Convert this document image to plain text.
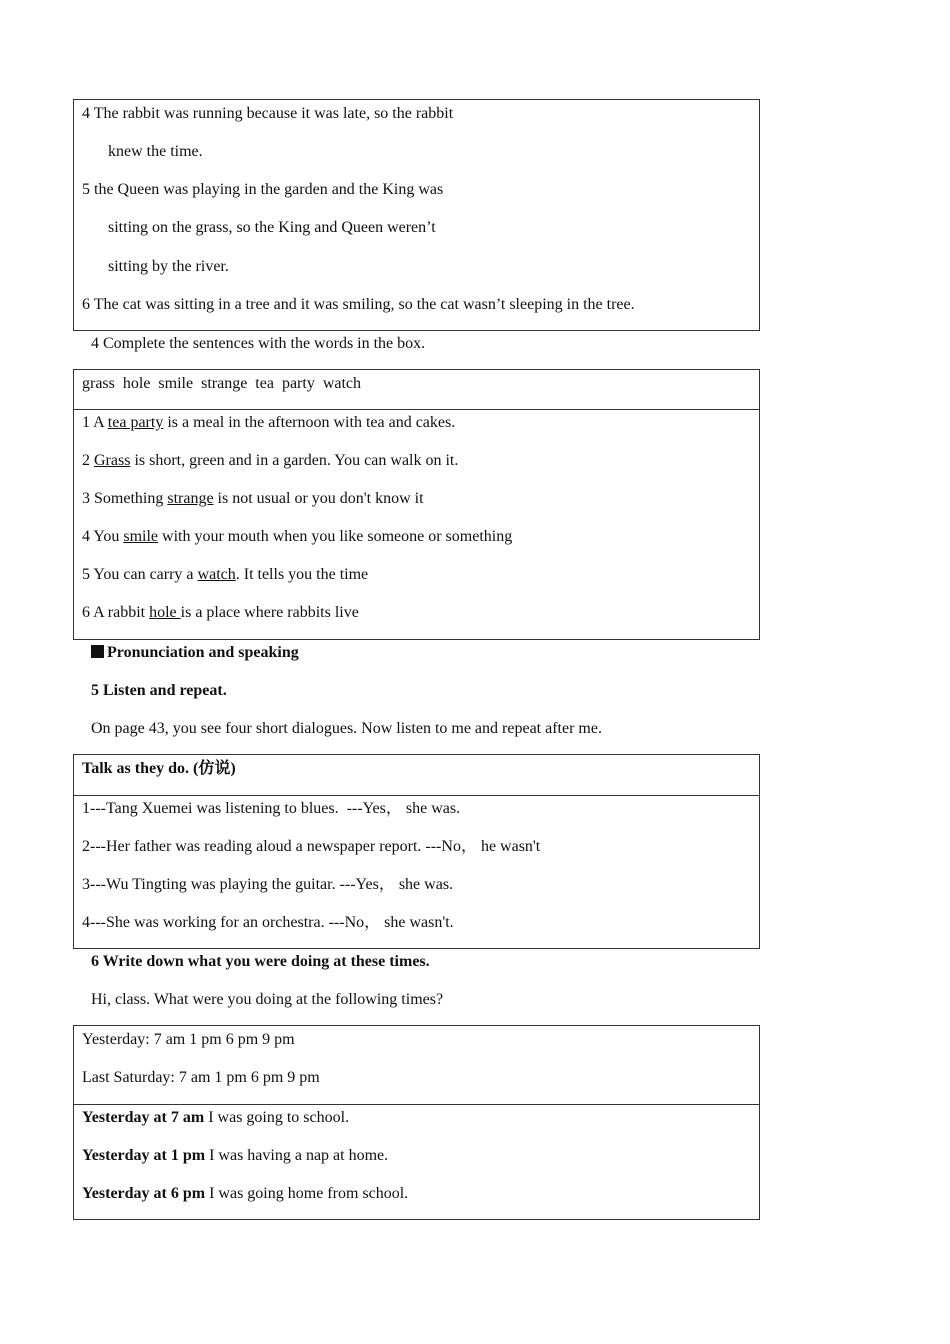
4 The rabbit was running because it was late, so the rabbit
knew the time.
5 the Queen was playing in the garden and the King was
sitting on the grass, so the King and Queen weren’t
sitting by the river.
6 The cat was sitting in a tree and it was smiling, so the cat wasn’t sleeping in the tree.
4 Complete the sentences with the words in the box.
grass  hole  smile  strange  tea  party  watch
1 A tea party is a meal in the afternoon with tea and cakes.
2 Grass is short, green and in a garden. You can walk on it.
3 Something strange is not usual or you don't know it
4 You smile with your mouth when you like someone or something
5 You can carry a watch. It tells you the time
6 A rabbit hole is a place where rabbits live
Pronunciation and speaking
5 Listen and repeat.
On page 43, you see four short dialogues. Now listen to me and repeat after me.
Talk as they do. (仿说)
1---Tang Xuemei was listening to blues.  ---Yes， she was.
2---Her father was reading aloud a newspaper report. ---No， he wasn't
3---Wu Tingting was playing the guitar. ---Yes， she was.
4---She was working for an orchestra. ---No， she wasn't.
6 Write down what you were doing at these times.
Hi, class. What were you doing at the following times?
Yesterday: 7 am 1 pm 6 pm 9 pm
Last Saturday: 7 am 1 pm 6 pm 9 pm
Yesterday at 7 am I was going to school.
Yesterday at 1 pm I was having a nap at home.
Yesterday at 6 pm I was going home from school.
